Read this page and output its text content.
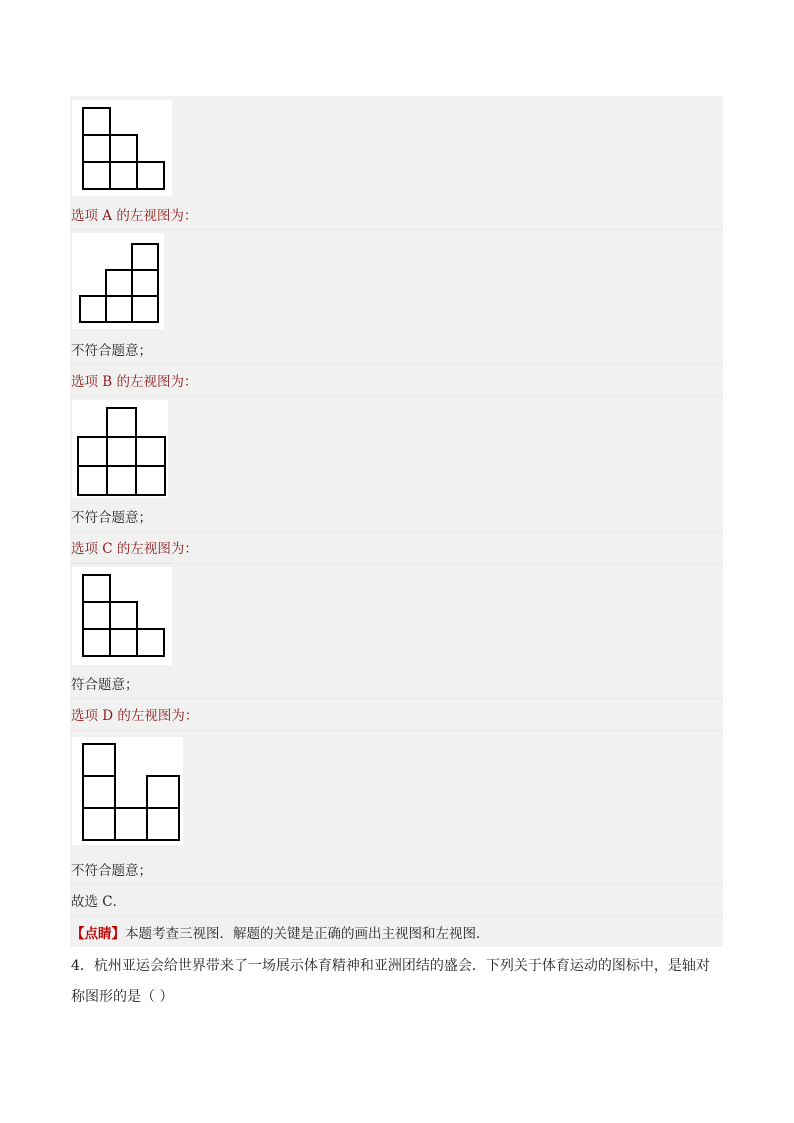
选项 A 的左视图为：
不符合题意；
选项 B 的左视图为：
不符合题意；
选项 C 的左视图为：
符合题意；
选项 D 的左视图为：
不符合题意；
故选 C．
【点睛】本题考查三视图．解题的关键是正确的画出主视图和左视图．
4．杭州亚运会给世界带来了一场展示体育精神和亚洲团结的盛会．下列关于体育运动的图标中，是轴对
称图形的是（ ）
